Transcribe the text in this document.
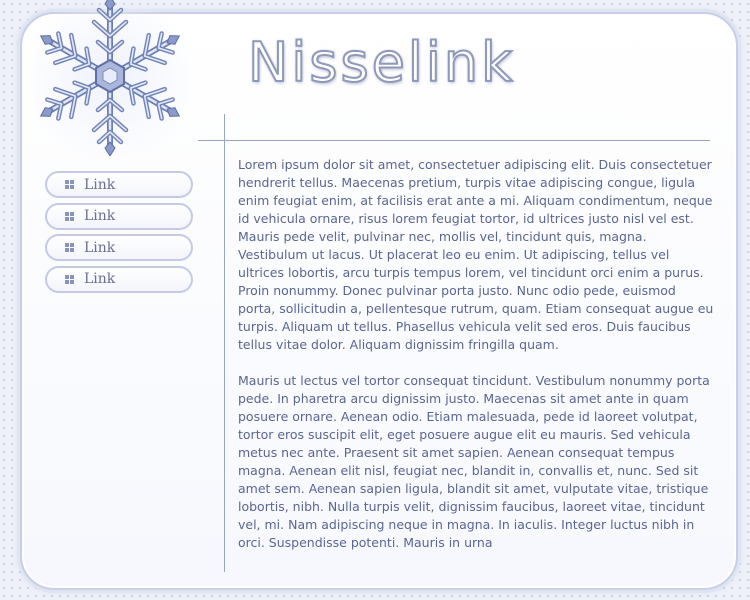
Nisselink
Link
Link
Link
Link

Lorem ipsum dolor sit amet, consectetuer adipiscing elit. Duis consectetuer hendrerit tellus. Maecenas pretium, turpis vitae adipiscing congue, ligula enim feugiat enim, at facilisis erat ante a mi. Aliquam condimentum, neque id vehicula ornare, risus lorem feugiat tortor, id ultrices justo nisl vel est. Mauris pede velit, pulvinar nec, mollis vel, tincidunt quis, magna. Vestibulum ut lacus. Ut placerat leo eu enim. Ut adipiscing, tellus vel ultrices lobortis, arcu turpis tempus lorem, vel tincidunt orci enim a purus. Proin nonummy. Donec pulvinar porta justo. Nunc odio pede, euismod porta, sollicitudin a, pellentesque rutrum, quam. Etiam consequat augue eu turpis. Aliquam ut tellus. Phasellus vehicula velit sed eros. Duis faucibus tellus vitae dolor. Aliquam dignissim fringilla quam.

Mauris ut lectus vel tortor consequat tincidunt. Vestibulum nonummy porta pede. In pharetra arcu dignissim justo. Maecenas sit amet ante in quam posuere ornare. Aenean odio. Etiam malesuada, pede id laoreet volutpat, tortor eros suscipit elit, eget posuere augue elit eu mauris. Sed vehicula metus nec ante. Praesent sit amet sapien. Aenean consequat tempus magna. Aenean elit nisl, feugiat nec, blandit in, convallis et, nunc. Sed sit amet sem. Aenean sapien ligula, blandit sit amet, vulputate vitae, tristique lobortis, nibh. Nulla turpis velit, dignissim faucibus, laoreet vitae, tincidunt vel, mi. Nam adipiscing neque in magna. In iaculis. Integer luctus nibh in orci. Suspendisse potenti. Mauris in urna
